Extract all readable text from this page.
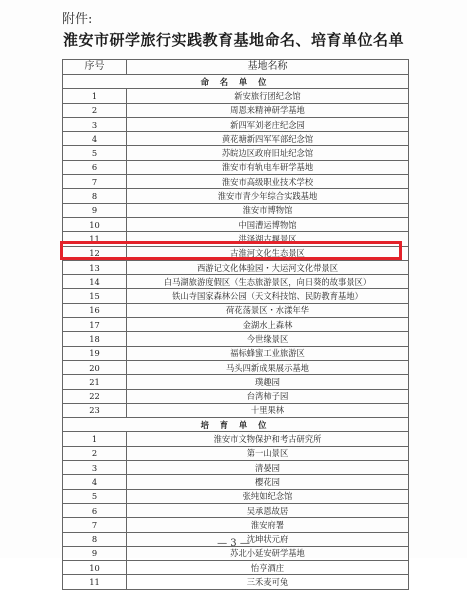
附件:
淮安市研学旅行实践教育基地命名、培育单位名单
序号	基地名称
命 名 单 位	
1	新安旅行团纪念馆
2	周恩来精神研学基地
3	新四军刘老庄纪念园
4	黄花塘新四军军部纪念馆
5	苏皖边区政府旧址纪念馆
6	淮安市有轨电车研学基地
7	淮安市高级职业技术学校
8	淮安市青少年综合实践基地
9	淮安市博物馆
10	中国漕运博物馆
11	洪泽湖古堰景区
12	古淮河文化生态景区
13	西游记文化体验园・大运河文化带景区
14	白马湖旅游度假区（生态旅游景区，向日葵的故事景区）
15	铁山寺国家森林公园（天文科技馆、民防教育基地）
16	荷花荡景区・水漾年华
17	金湖水上森林
18	今世缘景区
19	福标蜂蜜工业旅游区
20	马头四新成果展示基地
21	璞趣园
22	台湾柿子园
23	十里果林
培 育 单 位	
1	淮安市文物保护和考古研究所
2	第一山景区
3	清晏园
4	樱花园
5	张纯如纪念馆
6	吴承恩故居
7	淮安府署
8	沈坤状元府
9	苏北小延安研学基地
10	怡亨酒庄
11	三禾麦可兔
— 3 —
